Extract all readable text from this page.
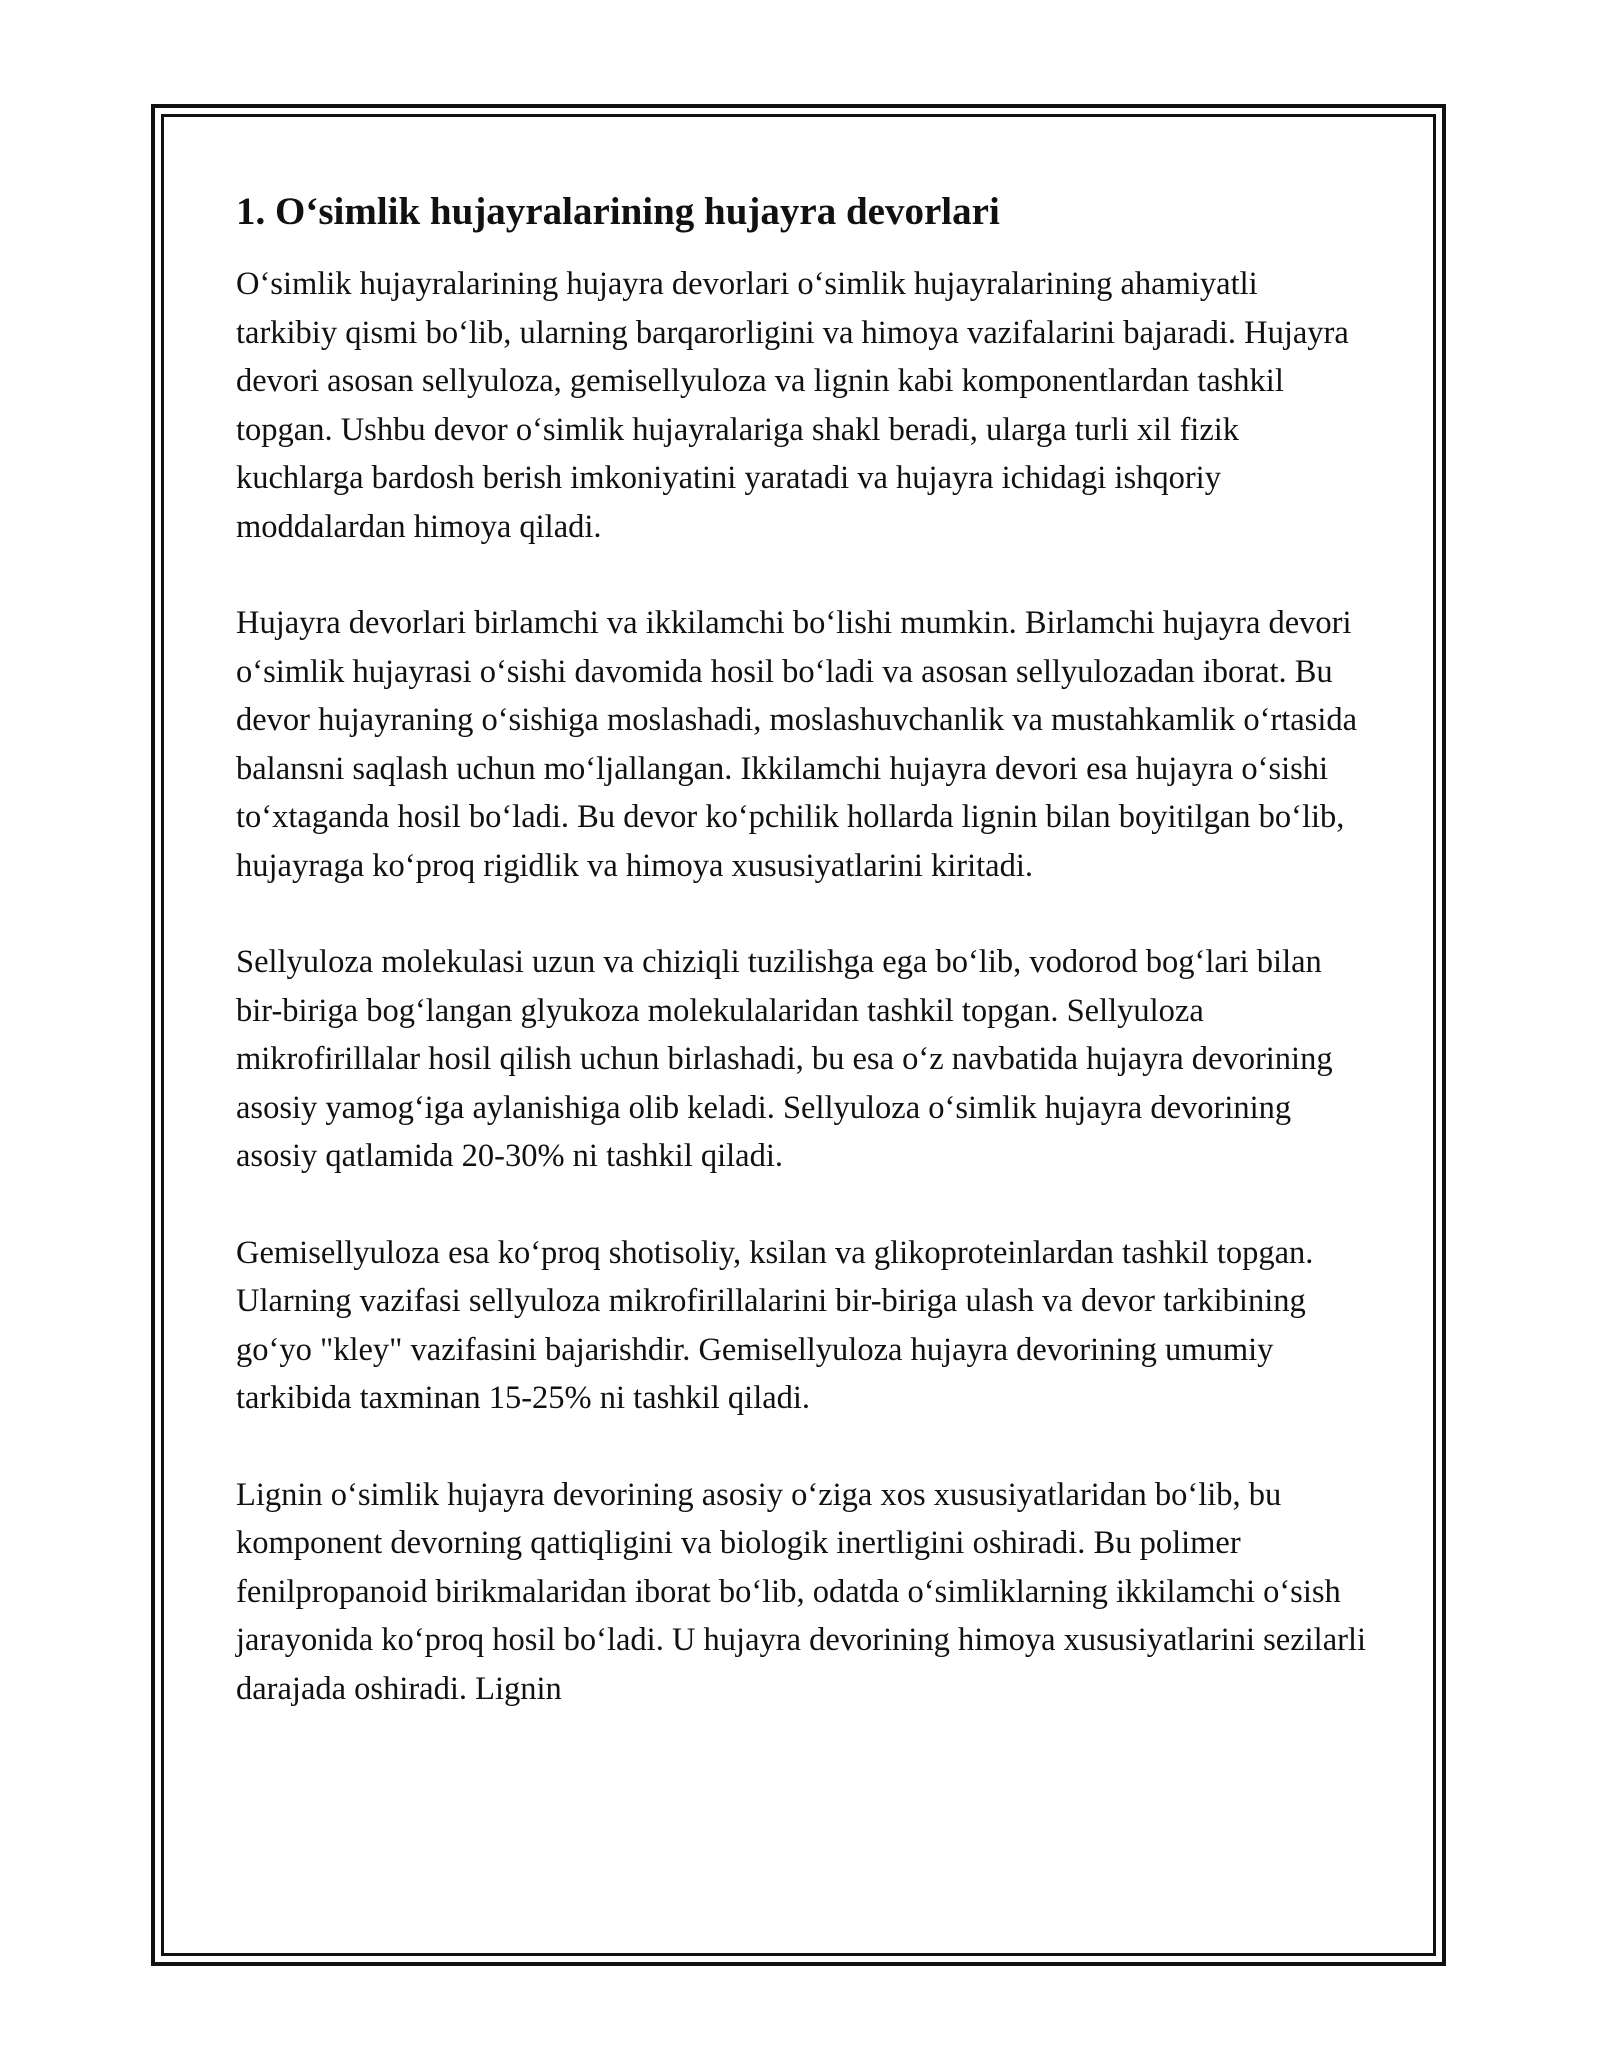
1. O‘simlik hujayralarining hujayra devorlari

O‘simlik hujayralarining hujayra devorlari o‘simlik hujayralarining ahamiyatli tarkibiy qismi bo‘lib, ularning barqarorligini va himoya vazifalarini bajaradi. Hujayra devori asosan sellyuloza, gemisellyuloza va lignin kabi komponentlardan tashkil topgan. Ushbu devor o‘simlik hujayralariga shakl beradi, ularga turli xil fizik kuchlarga bardosh berish imkoniyatini yaratadi va hujayra ichidagi ishqoriy moddalardan himoya qiladi.

Hujayra devorlari birlamchi va ikkilamchi bo‘lishi mumkin. Birlamchi hujayra devori o‘simlik hujayrasi o‘sishi davomida hosil bo‘ladi va asosan sellyulozadan iborat. Bu devor hujayraning o‘sishiga moslashadi, moslashuvchanlik va mustahkamlik o‘rtasida balansni saqlash uchun mo‘ljallangan. Ikkilamchi hujayra devori esa hujayra o‘sishi to‘xtaganda hosil bo‘ladi. Bu devor ko‘pchilik hollarda lignin bilan boyitilgan bo‘lib, hujayraga ko‘proq rigidlik va himoya xususiyatlarini kiritadi.

Sellyuloza molekulasi uzun va chiziqli tuzilishga ega bo‘lib, vodorod bog‘lari bilan bir-biriga bog‘langan glyukoza molekulalaridan tashkil topgan. Sellyuloza mikrofirillalar hosil qilish uchun birlashadi, bu esa o‘z navbatida hujayra devorining asosiy yamog‘iga aylanishiga olib keladi. Sellyuloza o‘simlik hujayra devorining asosiy qatlamida 20-30% ni tashkil qiladi.

Gemisellyuloza esa ko‘proq shotisoliy, ksilan va glikoproteinlardan tashkil topgan. Ularning vazifasi sellyuloza mikrofirillalarini bir-biriga ulash va devor tarkibining go‘yo "kley" vazifasini bajarishdir. Gemisellyuloza hujayra devorining umumiy tarkibida taxminan 15-25% ni tashkil qiladi.

Lignin o‘simlik hujayra devorining asosiy o‘ziga xos xususiyatlaridan bo‘lib, bu komponent devorning qattiqligini va biologik inertligini oshiradi. Bu polimer fenilpropanoid birikmalaridan iborat bo‘lib, odatda o‘simliklarning ikkilamchi o‘sish jarayonida ko‘proq hosil bo‘ladi. U hujayra devorining himoya xususiyatlarini sezilarli darajada oshiradi. Lignin
